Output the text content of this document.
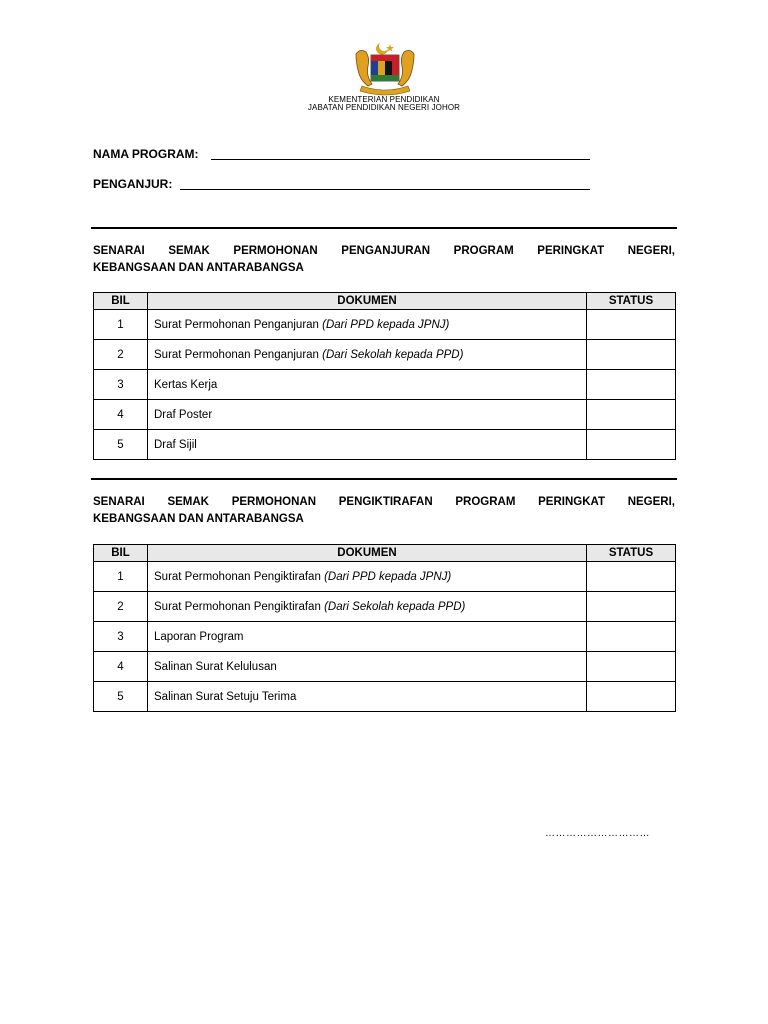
KEMENTERIAN PENDIDIKAN
JABATAN PENDIDIKAN NEGERI JOHOR
NAMA PROGRAM:
PENGANJUR:
SENARAI SEMAK PERMOHONAN PENGANJURAN PROGRAM PERINGKAT NEGERI,
KEBANGSAAN DAN ANTARABANGSA
BIL	DOKUMEN	STATUS
1	Surat Permohonan Penganjuran (Dari PPD kepada JPNJ)	
2	Surat Permohonan Penganjuran (Dari Sekolah kepada PPD)	
3	Kertas Kerja	
4	Draf Poster	
5	Draf Sijil	
SENARAI SEMAK PERMOHONAN PENGIKTIRAFAN PROGRAM PERINGKAT NEGERI,
KEBANGSAAN DAN ANTARABANGSA
BIL	DOKUMEN	STATUS
1	Surat Permohonan Pengiktirafan (Dari PPD kepada JPNJ)	
2	Surat Permohonan Pengiktirafan (Dari Sekolah kepada PPD)	
3	Laporan Program	
4	Salinan Surat Kelulusan	
5	Salinan Surat Setuju Terima	
…………………………
